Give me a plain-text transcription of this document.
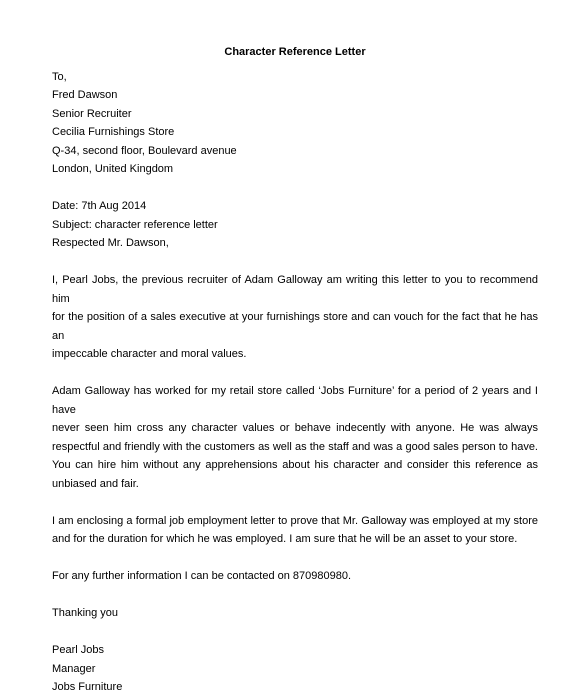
Character Reference Letter
To,
Fred Dawson
Senior Recruiter
Cecilia Furnishings Store
Q-34, second floor, Boulevard avenue
London, United Kingdom
Date: 7th Aug 2014
Subject: character reference letter
Respected Mr. Dawson,
I, Pearl Jobs, the previous recruiter of Adam Galloway am writing this letter to you to recommend him
for the position of a sales executive at your furnishings store and can vouch for the fact that he has an
impeccable character and moral values.
Adam Galloway has worked for my retail store called ‘Jobs Furniture’ for a period of 2 years and I have
never seen him cross any character values or behave indecently with anyone. He was always
respectful and friendly with the customers as well as the staff and was a good sales person to have.
You can hire him without any apprehensions about his character and consider this reference as
unbiased and fair.
I am enclosing a formal job employment letter to prove that Mr. Galloway was employed at my store
and for the duration for which he was employed. I am sure that he will be an asset to your store.
For any further information I can be contacted on 870980980.
Thanking you
Pearl Jobs
Manager
Jobs Furniture
